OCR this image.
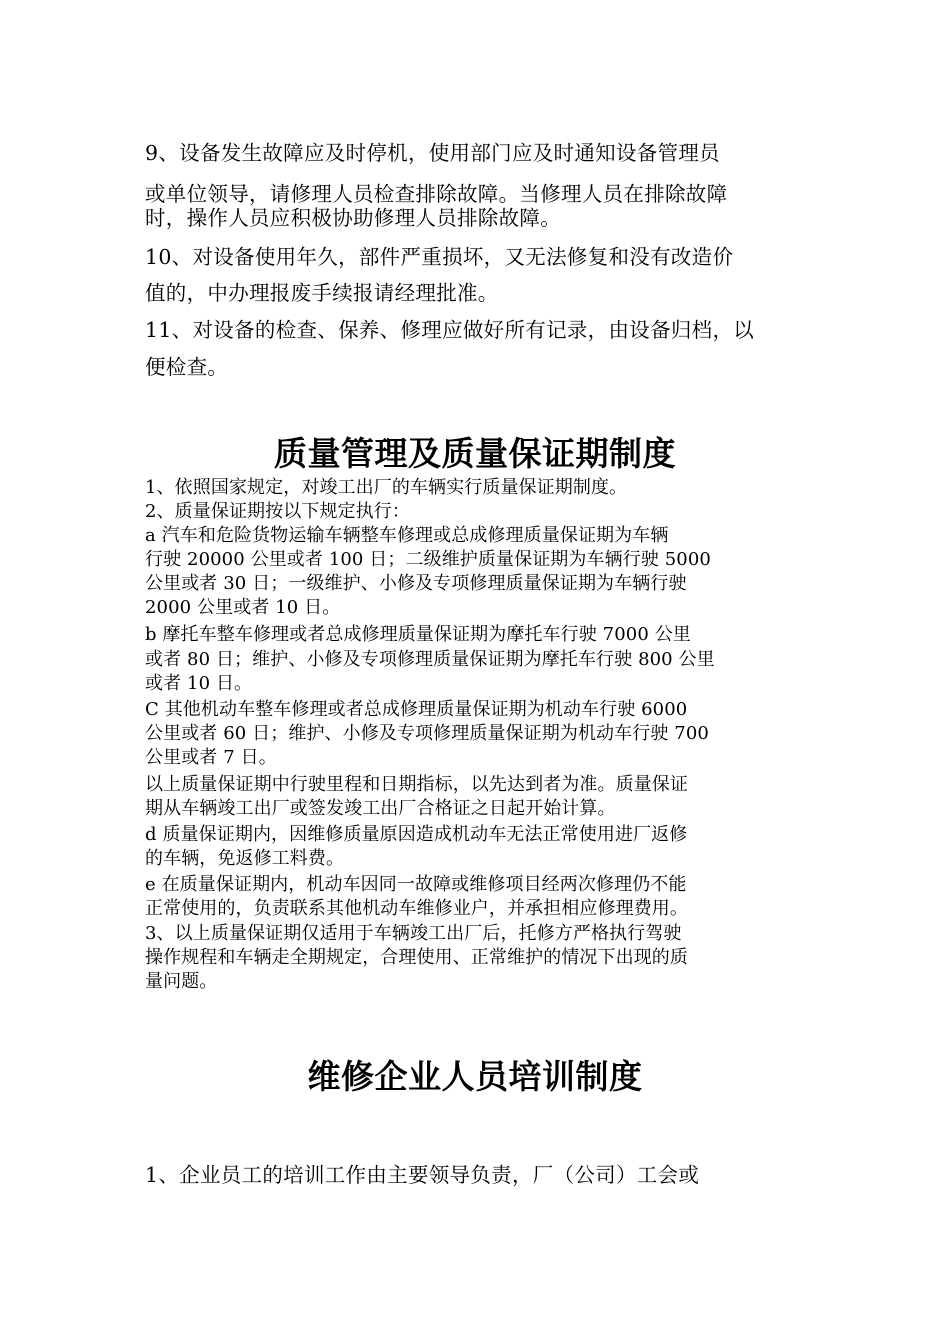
9、设备发生故障应及时停机，使用部门应及时通知设备管理员

或单位领导，请修理人员检查排除故障。当修理人员在排除故障

时，操作人员应积极协助修理人员排除故障。

10、对设备使用年久，部件严重损坏，又无法修复和没有改造价

值的，中办理报废手续报请经理批准。

11、对设备的检查、保养、修理应做好所有记录，由设备归档，以

便检查。

质量管理及质量保证期制度

1、依照国家规定，对竣工出厂的车辆实行质量保证期制度。

2、质量保证期按以下规定执行：

a 汽车和危险货物运输车辆整车修理或总成修理质量保证期为车辆

行驶 20000 公里或者 100 日；二级维护质量保证期为车辆行驶 5000

公里或者 30 日；一级维护、小修及专项修理质量保证期为车辆行驶

2000 公里或者 10 日。

b 摩托车整车修理或者总成修理质量保证期为摩托车行驶 7000 公里

或者 80 日；维护、小修及专项修理质量保证期为摩托车行驶 800 公里

或者 10 日。

C 其他机动车整车修理或者总成修理质量保证期为机动车行驶 6000

公里或者 60 日；维护、小修及专项修理质量保证期为机动车行驶 700

公里或者 7 日。

以上质量保证期中行驶里程和日期指标，以先达到者为准。质量保证

期从车辆竣工出厂或签发竣工出厂合格证之日起开始计算。

d 质量保证期内，因维修质量原因造成机动车无法正常使用进厂返修

的车辆，免返修工料费。

e 在质量保证期内，机动车因同一故障或维修项目经两次修理仍不能

正常使用的，负责联系其他机动车维修业户，并承担相应修理费用。

3、以上质量保证期仅适用于车辆竣工出厂后，托修方严格执行驾驶

操作规程和车辆走全期规定，合理使用、正常维护的情况下出现的质

量问题。

维修企业人员培训制度

1、企业员工的培训工作由主要领导负责，厂（公司）工会或
